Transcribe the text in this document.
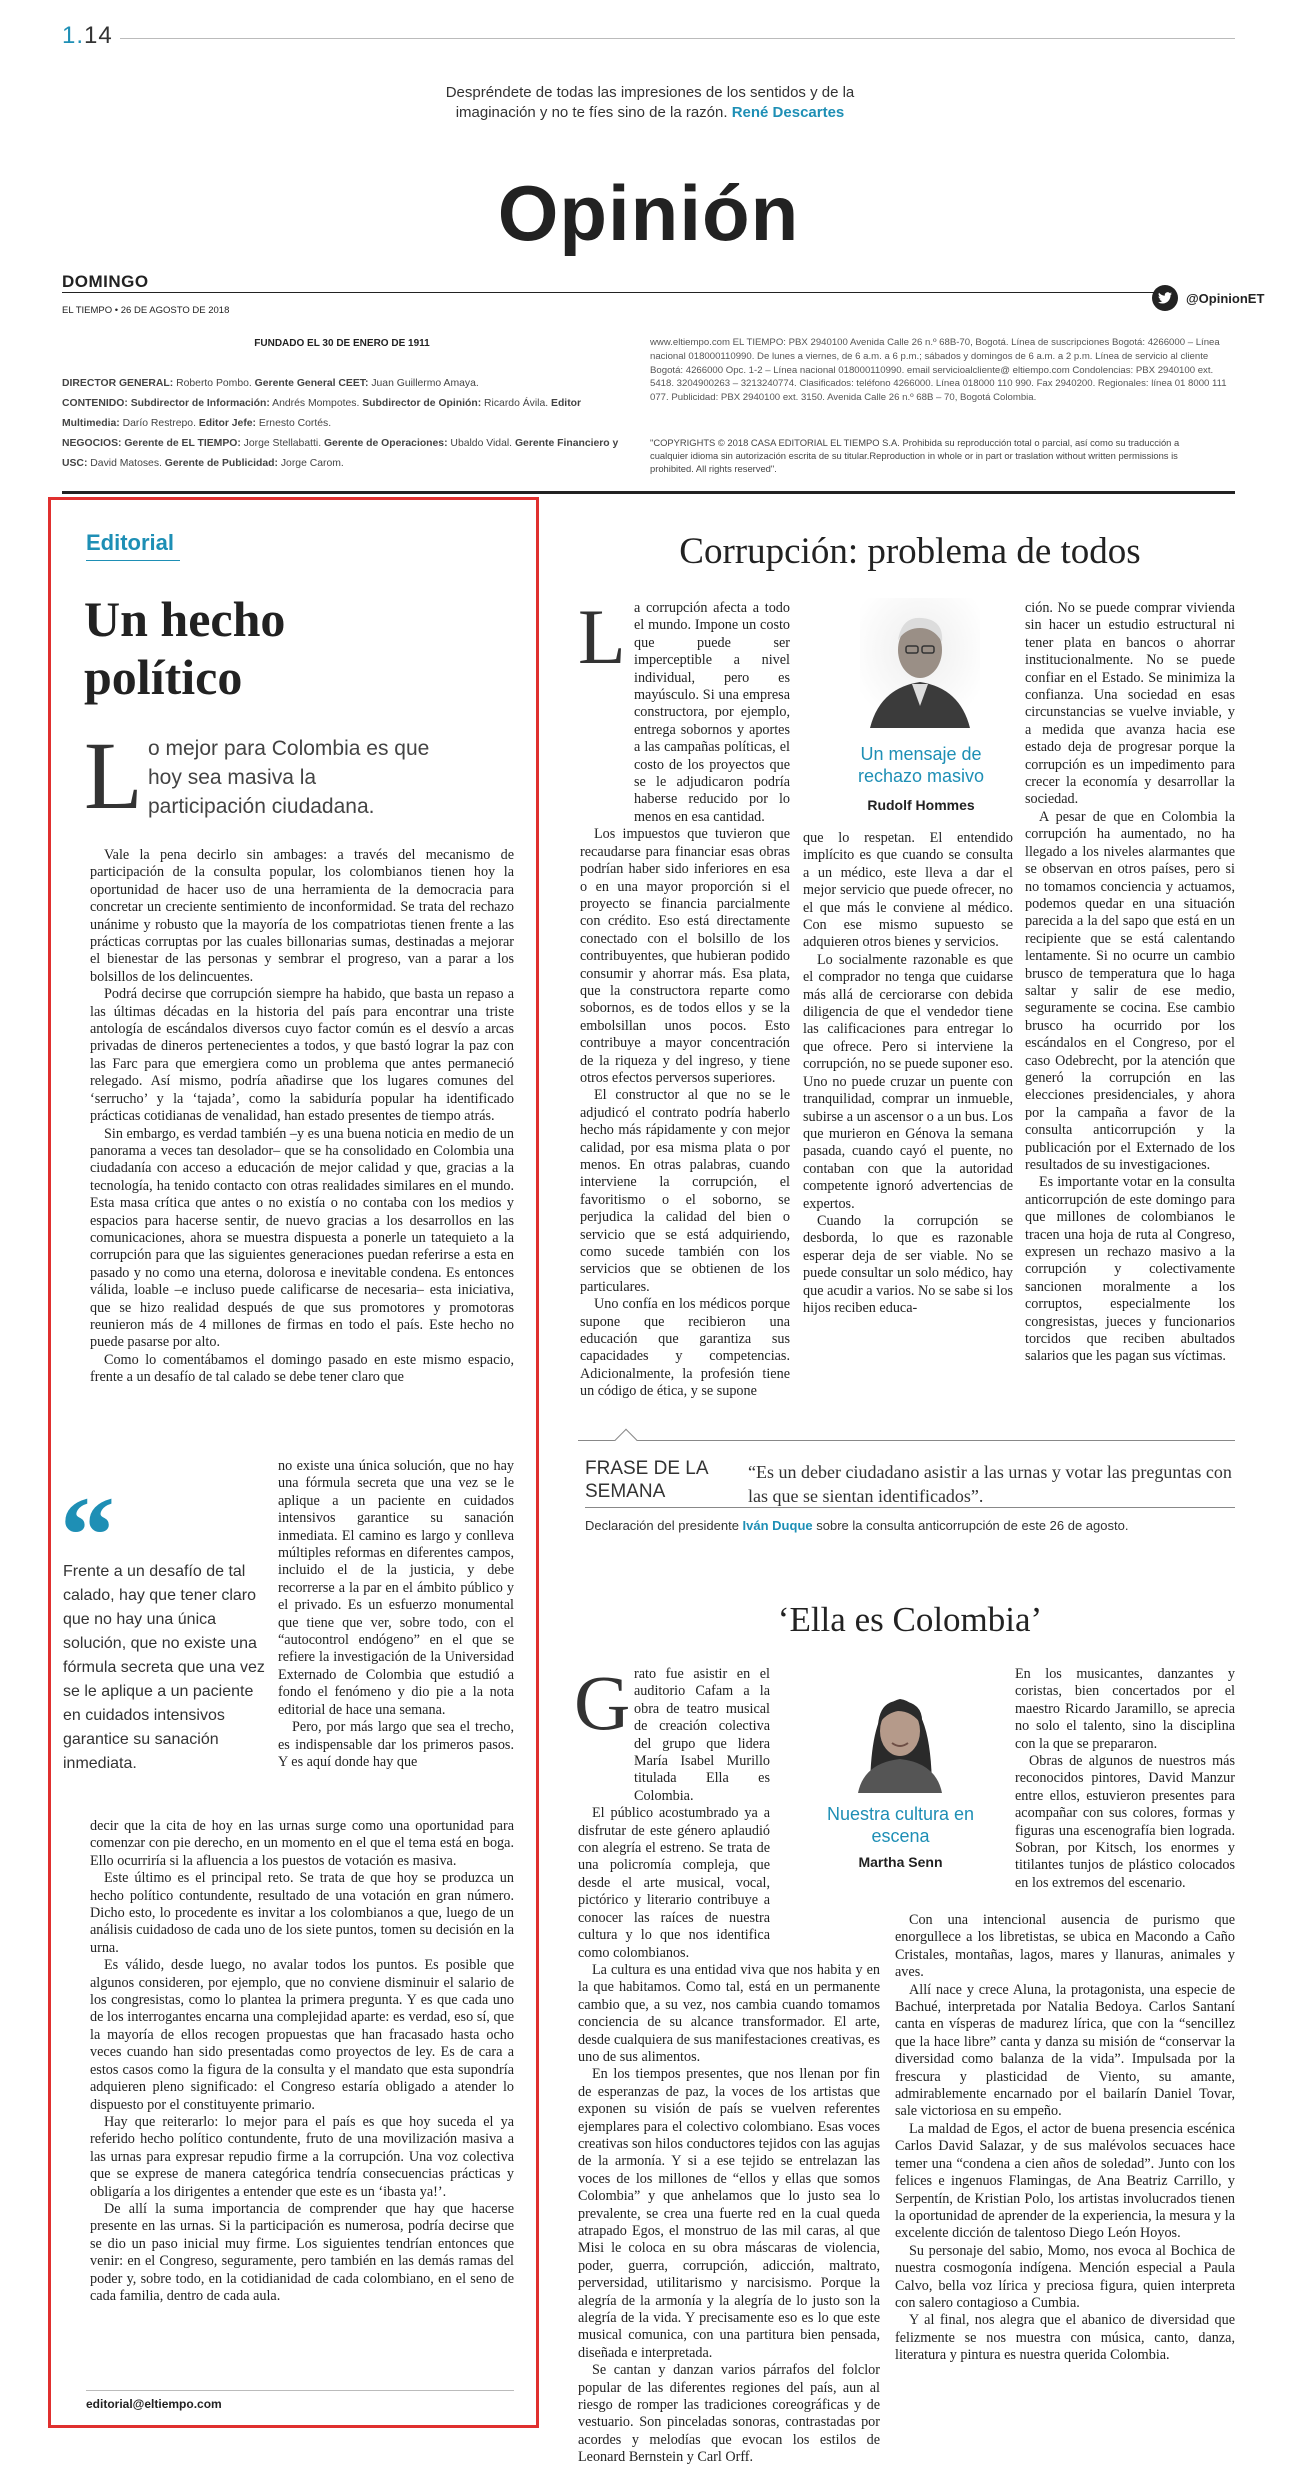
1.14
Despréndete de todas las impresiones de los sentidos y de la
imaginación y no te fíes sino de la razón. René Descartes
Opinión
DOMINGO
EL TIEMPO • 26 DE AGOSTO DE 2018
@OpinionET
FUNDADO EL 30 DE ENERO DE 1911
DIRECTOR GENERAL: Roberto Pombo. Gerente General CEET: Juan Guillermo Amaya.
CONTENIDO: Subdirector de Información: Andrés Mompotes. Subdirector de Opinión: Ricardo Ávila. Editor Multimedia: Darío Restrepo. Editor Jefe: Ernesto Cortés.
NEGOCIOS: Gerente de EL TIEMPO: Jorge Stellabatti. Gerente de Operaciones: Ubaldo Vidal. Gerente Financiero y USC: David Matoses. Gerente de Publicidad: Jorge Carom.
www.eltiempo.com EL TIEMPO: PBX 2940100 Avenida Calle 26 n.º 68B-70, Bogotá. Línea de suscripciones Bogotá: 4266000 – Línea nacional 018000110990. De lunes a viernes, de 6 a.m. a 6 p.m.; sábados y domingos de 6 a.m. a 2 p.m. Línea de servicio al cliente Bogotá: 4266000 Opc. 1-2 – Línea nacional 018000110990. email servicioalcliente@ eltiempo.com Condolencias: PBX 2940100 ext. 5418. 3204900263 – 3213240774. Clasificados: teléfono 4266000. Línea 018000 110 990. Fax 2940200. Regionales: línea 01 8000 111 077. Publicidad: PBX 2940100 ext. 3150. Avenida Calle 26 n.º 68B – 70, Bogotá Colombia.
"COPYRIGHTS © 2018 CASA EDITORIAL EL TIEMPO S.A. Prohibida su reproducción total o parcial, así como su traducción a cualquier idioma sin autorización escrita de su titular.Reproduction in whole or in part or traslation without written permissions is prohibited. All rights reserved".
Editorial
Un hecho
político
L o mejor para Colombia es que hoy sea masiva la participación ciudadana.

Vale la pena decirlo sin ambages: a través del mecanismo de participación de la consulta popular, los colombianos tienen hoy la oportunidad de hacer uso de una herramienta de la democracia para concretar un creciente sentimiento de inconformidad. Se trata del rechazo unánime y robusto que la mayoría de los compatriotas tienen frente a las prácticas corruptas por las cuales billonarias sumas, destinadas a mejorar el bienestar de las personas y sembrar el progreso, van a parar a los bolsillos de los delincuentes.

Podrá decirse que corrupción siempre ha habido, que basta un repaso a las últimas décadas en la historia del país para encontrar una triste antología de escándalos diversos cuyo factor común es el desvío a arcas privadas de dineros pertenecientes a todos, y que bastó lograr la paz con las Farc para que emergiera como un problema que antes permaneció relegado. Así mismo, podría añadirse que los lugares comunes del ‘serrucho’ y la ‘tajada’, como la sabiduría popular ha identificado prácticas cotidianas de venalidad, han estado presentes de tiempo atrás.

Sin embargo, es verdad también –y es una buena noticia en medio de un panorama a veces tan desolador– que se ha consolidado en Colombia una ciudadanía con acceso a educación de mejor calidad y que, gracias a la tecnología, ha tenido contacto con otras realidades similares en el mundo. Esta masa crítica que antes o no existía o no contaba con los medios y espacios para hacerse sentir, de nuevo gracias a los desarrollos en las comunicaciones, ahora se muestra dispuesta a ponerle un tatequieto a la corrupción para que las siguientes generaciones puedan referirse a esta en pasado y no como una eterna, dolorosa e inevitable condena. Es entonces válida, loable –e incluso puede calificarse de necesaria– esta iniciativa, que se hizo realidad después de que sus promotores y promotoras reunieron más de 4 millones de firmas en todo el país. Este hecho no puede pasarse por alto.

Como lo comentábamos el domingo pasado en este mismo espacio, frente a un desafío de tal calado se debe tener claro que

“
Frente a un desafío de tal calado, hay que tener claro que no hay una única solución, que no existe una fórmula secreta que una vez se le aplique a un paciente en cuidados intensivos garantice su sanación inmediata.

no existe una única solución, que no hay una fórmula secreta que una vez se le aplique a un paciente en cuidados intensivos garantice su sanación inmediata. El camino es largo y conlleva múltiples reformas en diferentes campos, incluido el de la justicia, y debe recorrerse a la par en el ámbito público y el privado. Es un esfuerzo monumental que tiene que ver, sobre todo, con el “autocontrol endógeno” en el que se refiere la investigación de la Universidad Externado de Colombia que estudió a fondo el fenómeno y dio pie a la nota editorial de hace una semana.

Pero, por más largo que sea el trecho, es indispensable dar los primeros pasos. Y es aquí donde hay que

decir que la cita de hoy en las urnas surge como una oportunidad para comenzar con pie derecho, en un momento en el que el tema está en boga. Ello ocurriría si la afluencia a los puestos de votación es masiva.

Este último es el principal reto. Se trata de que hoy se produzca un hecho político contundente, resultado de una votación en gran número. Dicho esto, lo procedente es invitar a los colombianos a que, luego de un análisis cuidadoso de cada uno de los siete puntos, tomen su decisión en la urna.

Es válido, desde luego, no avalar todos los puntos. Es posible que algunos consideren, por ejemplo, que no conviene disminuir el salario de los congresistas, como lo plantea la primera pregunta. Y es que cada uno de los interrogantes encarna una complejidad aparte: es verdad, eso sí, que la mayoría de ellos recogen propuestas que han fracasado hasta ocho veces cuando han sido presentadas como proyectos de ley. Es de cara a estos casos como la figura de la consulta y el mandato que esta supondría adquieren pleno significado: el Congreso estaría obligado a atender lo dispuesto por el constituyente primario.

Hay que reiterarlo: lo mejor para el país es que hoy suceda el ya referido hecho político contundente, fruto de una movilización masiva a las urnas para expresar repudio firme a la corrupción. Una voz colectiva que se exprese de manera categórica tendría consecuencias prácticas y obligaría a los dirigentes a entender que este es un ‘ibasta ya!’.

De allí la suma importancia de comprender que hay que hacerse presente en las urnas. Si la participación es numerosa, podría decirse que se dio un paso inicial muy firme. Los siguientes tendrían entonces que venir: en el Congreso, seguramente, pero también en las demás ramas del poder y, sobre todo, en la cotidianidad de cada colombiano, en el seno de cada familia, dentro de cada aula.

editorial@eltiempo.com
Corrupción: problema de todos
L a corrupción afecta a todo el mundo. Impone un costo que puede ser imperceptible a nivel individual, pero es mayúsculo. Si una empresa constructora, por ejemplo, entrega sobornos y aportes a las campañas políticas, el costo de los proyectos que se le adjudicaron podría haberse reducido por lo menos en esa cantidad.

Los impuestos que tuvieron que recaudarse para financiar esas obras podrían haber sido inferiores en esa o en una mayor proporción si el proyecto se financia parcialmente con crédito. Eso está directamente conectado con el bolsillo de los contribuyentes, que hubieran podido consumir y ahorrar más. Esa plata, que la constructora reparte como sobornos, es de todos ellos y se la embolsillan unos pocos. Esto contribuye a mayor concentración de la riqueza y del ingreso, y tiene otros efectos perversos superiores.

El constructor al que no se le adjudicó el contrato podría haberlo hecho más rápidamente y con mejor calidad, por esa misma plata o por menos. En otras palabras, cuando interviene la corrupción, el favoritismo o el soborno, se perjudica la calidad del bien o servicio que se está adquiriendo, como sucede también con los servicios que se obtienen de los particulares.

Uno confía en los médicos porque supone que recibieron una educación que garantiza sus capacidades y competencias. Adicionalmente, la profesión tiene un código de ética, y se supone

Un mensaje de rechazo masivo
Rudolf Hommes

que lo respetan. El entendido implícito es que cuando se consulta a un médico, este lleva a dar el mejor servicio que puede ofrecer, no el que más le conviene al médico. Con ese mismo supuesto se adquieren otros bienes y servicios.

Lo socialmente razonable es que el comprador no tenga que cuidarse más allá de cerciorarse con debida diligencia de que el vendedor tiene las calificaciones para entregar lo que ofrece. Pero si interviene la corrupción, no se puede suponer eso. Uno no puede cruzar un puente con tranquilidad, comprar un inmueble, subirse a un ascensor o a un bus. Los que murieron en Génova la semana pasada, cuando cayó el puente, no contaban con que la autoridad competente ignoró advertencias de expertos.

Cuando la corrupción se desborda, lo que es razonable esperar deja de ser viable. No se puede consultar un solo médico, hay que acudir a varios. No se sabe si los hijos reciben educa-

ción. No se puede comprar vivienda sin hacer un estudio estructural ni tener plata en bancos o ahorrar institucionalmente. No se puede confiar en el Estado. Se minimiza la confianza. Una sociedad en esas circunstancias se vuelve inviable, y a medida que avanza hacia ese estado deja de progresar porque la corrupción es un impedimento para crecer la economía y desarrollar la sociedad.

A pesar de que en Colombia la corrupción ha aumentado, no ha llegado a los niveles alarmantes que se observan en otros países, pero si no tomamos conciencia y actuamos, podemos quedar en una situación parecida a la del sapo que está en un recipiente que se está calentando lentamente. Si no ocurre un cambio brusco de temperatura que lo haga saltar y salir de ese medio, seguramente se cocina. Ese cambio brusco ha ocurrido por los escándalos en el Congreso, por el caso Odebrecht, por la atención que generó la corrupción en las elecciones presidenciales, y ahora por la campaña a favor de la consulta anticorrupción y la publicación por el Externado de los resultados de su investigaciones.

Es importante votar en la consulta anticorrupción de este domingo para que millones de colombianos le tracen una hoja de ruta al Congreso, expresen un rechazo masivo a la corrupción y colectivamente sancionen moralmente a los corruptos, especialmente los congresistas, jueces y funcionarios torcidos que reciben abultados salarios que les pagan sus víctimas.

FRASE DE LA SEMANA
“Es un deber ciudadano asistir a las urnas y votar las preguntas con las que se sientan identificados”.
Declaración del presidente Iván Duque sobre la consulta anticorrupción de este 26 de agosto.
‘Ella es Colombia’
G rato fue asistir en el auditorio Cafam a la obra de teatro musical de creación colectiva del grupo que lidera María Isabel Murillo titulada Ella es Colombia.

El público acostumbrado ya a disfrutar de este género aplaudió con alegría el estreno. Se trata de una policromía compleja, que desde el arte musical, vocal, pictórico y literario contribuye a conocer las raíces de nuestra cultura y lo que nos identifica como colombianos.

La cultura es una entidad viva que nos habita y en la que habitamos. Como tal, está en un permanente cambio que, a su vez, nos cambia cuando tomamos conciencia de su alcance transformador. El arte, desde cualquiera de sus manifestaciones creativas, es uno de sus alimentos.

En los tiempos presentes, que nos llenan por fin de esperanzas de paz, la voces de los artistas que exponen su visión de país se vuelven referentes ejemplares para el colectivo colombiano. Esas voces creativas son hilos conductores tejidos con las agujas de la armonía. Y si a ese tejido se entrelazan las voces de los millones de “ellos y ellas que somos Colombia” y que anhelamos que lo justo sea lo prevalente, se crea una fuerte red en la cual queda atrapado Egos, el monstruo de las mil caras, al que Misi le coloca en su obra máscaras de violencia, poder, guerra, corrupción, adicción, maltrato, perversidad, utilitarismo y narcisismo. Porque la alegría de la armonía y la alegría de lo justo son la alegría de la vida. Y precisamente eso es lo que este musical comunica, con una partitura bien pensada, diseñada e interpretada.

Se cantan y danzan varios párrafos del folclor popular de las diferentes regiones del país, aun al riesgo de romper las tradiciones coreográficas y de vestuario. Son pinceladas sonoras, contrastadas por acordes y melodías que evocan los estilos de Leonard Bernstein y Carl Orff.

Nuestra cultura en escena
Martha Senn

En los musicantes, danzantes y coristas, bien concertados por el maestro Ricardo Jaramillo, se aprecia no solo el talento, sino la disciplina con la que se prepararon.

Obras de algunos de nuestros más reconocidos pintores, David Manzur entre ellos, estuvieron presentes para acompañar con sus colores, formas y figuras una escenografía bien lograda. Sobran, por Kitsch, los enormes y titilantes tunjos de plástico colocados en los extremos del escenario.

Con una intencional ausencia de purismo que enorgullece a los libretistas, se ubica en Macondo a Caño Cristales, montañas, lagos, mares y llanuras, animales y aves.

Allí nace y crece Aluna, la protagonista, una especie de Bachué, interpretada por Natalia Bedoya. Carlos Santaní canta en vísperas de madurez lírica, que con la “sencillez que la hace libre” canta y danza su misión de “conservar la diversidad como balanza de la vida”. Impulsada por la frescura y plasticidad de Viento, su amante, admirablemente encarnado por el bailarín Daniel Tovar, sale victoriosa en su empeño.

La maldad de Egos, el actor de buena presencia escénica Carlos David Salazar, y de sus malévolos secuaces hace temer una “condena a cien años de soledad”. Junto con los felices e ingenuos Flamingas, de Ana Beatriz Carrillo, y Serpentín, de Kristian Polo, los artistas involucrados tienen la oportunidad de aprender de la experiencia, la mesura y la excelente dicción de talentoso Diego León Hoyos.

Su personaje del sabio, Momo, nos evoca al Bochica de nuestra cosmogonía indígena. Mención especial a Paula Calvo, bella voz lírica y preciosa figura, quien interpreta con salero contagioso a Cumbia.

Y al final, nos alegra que el abanico de diversidad que felizmente se nos muestra con música, canto, danza, literatura y pintura es nuestra querida Colombia.
